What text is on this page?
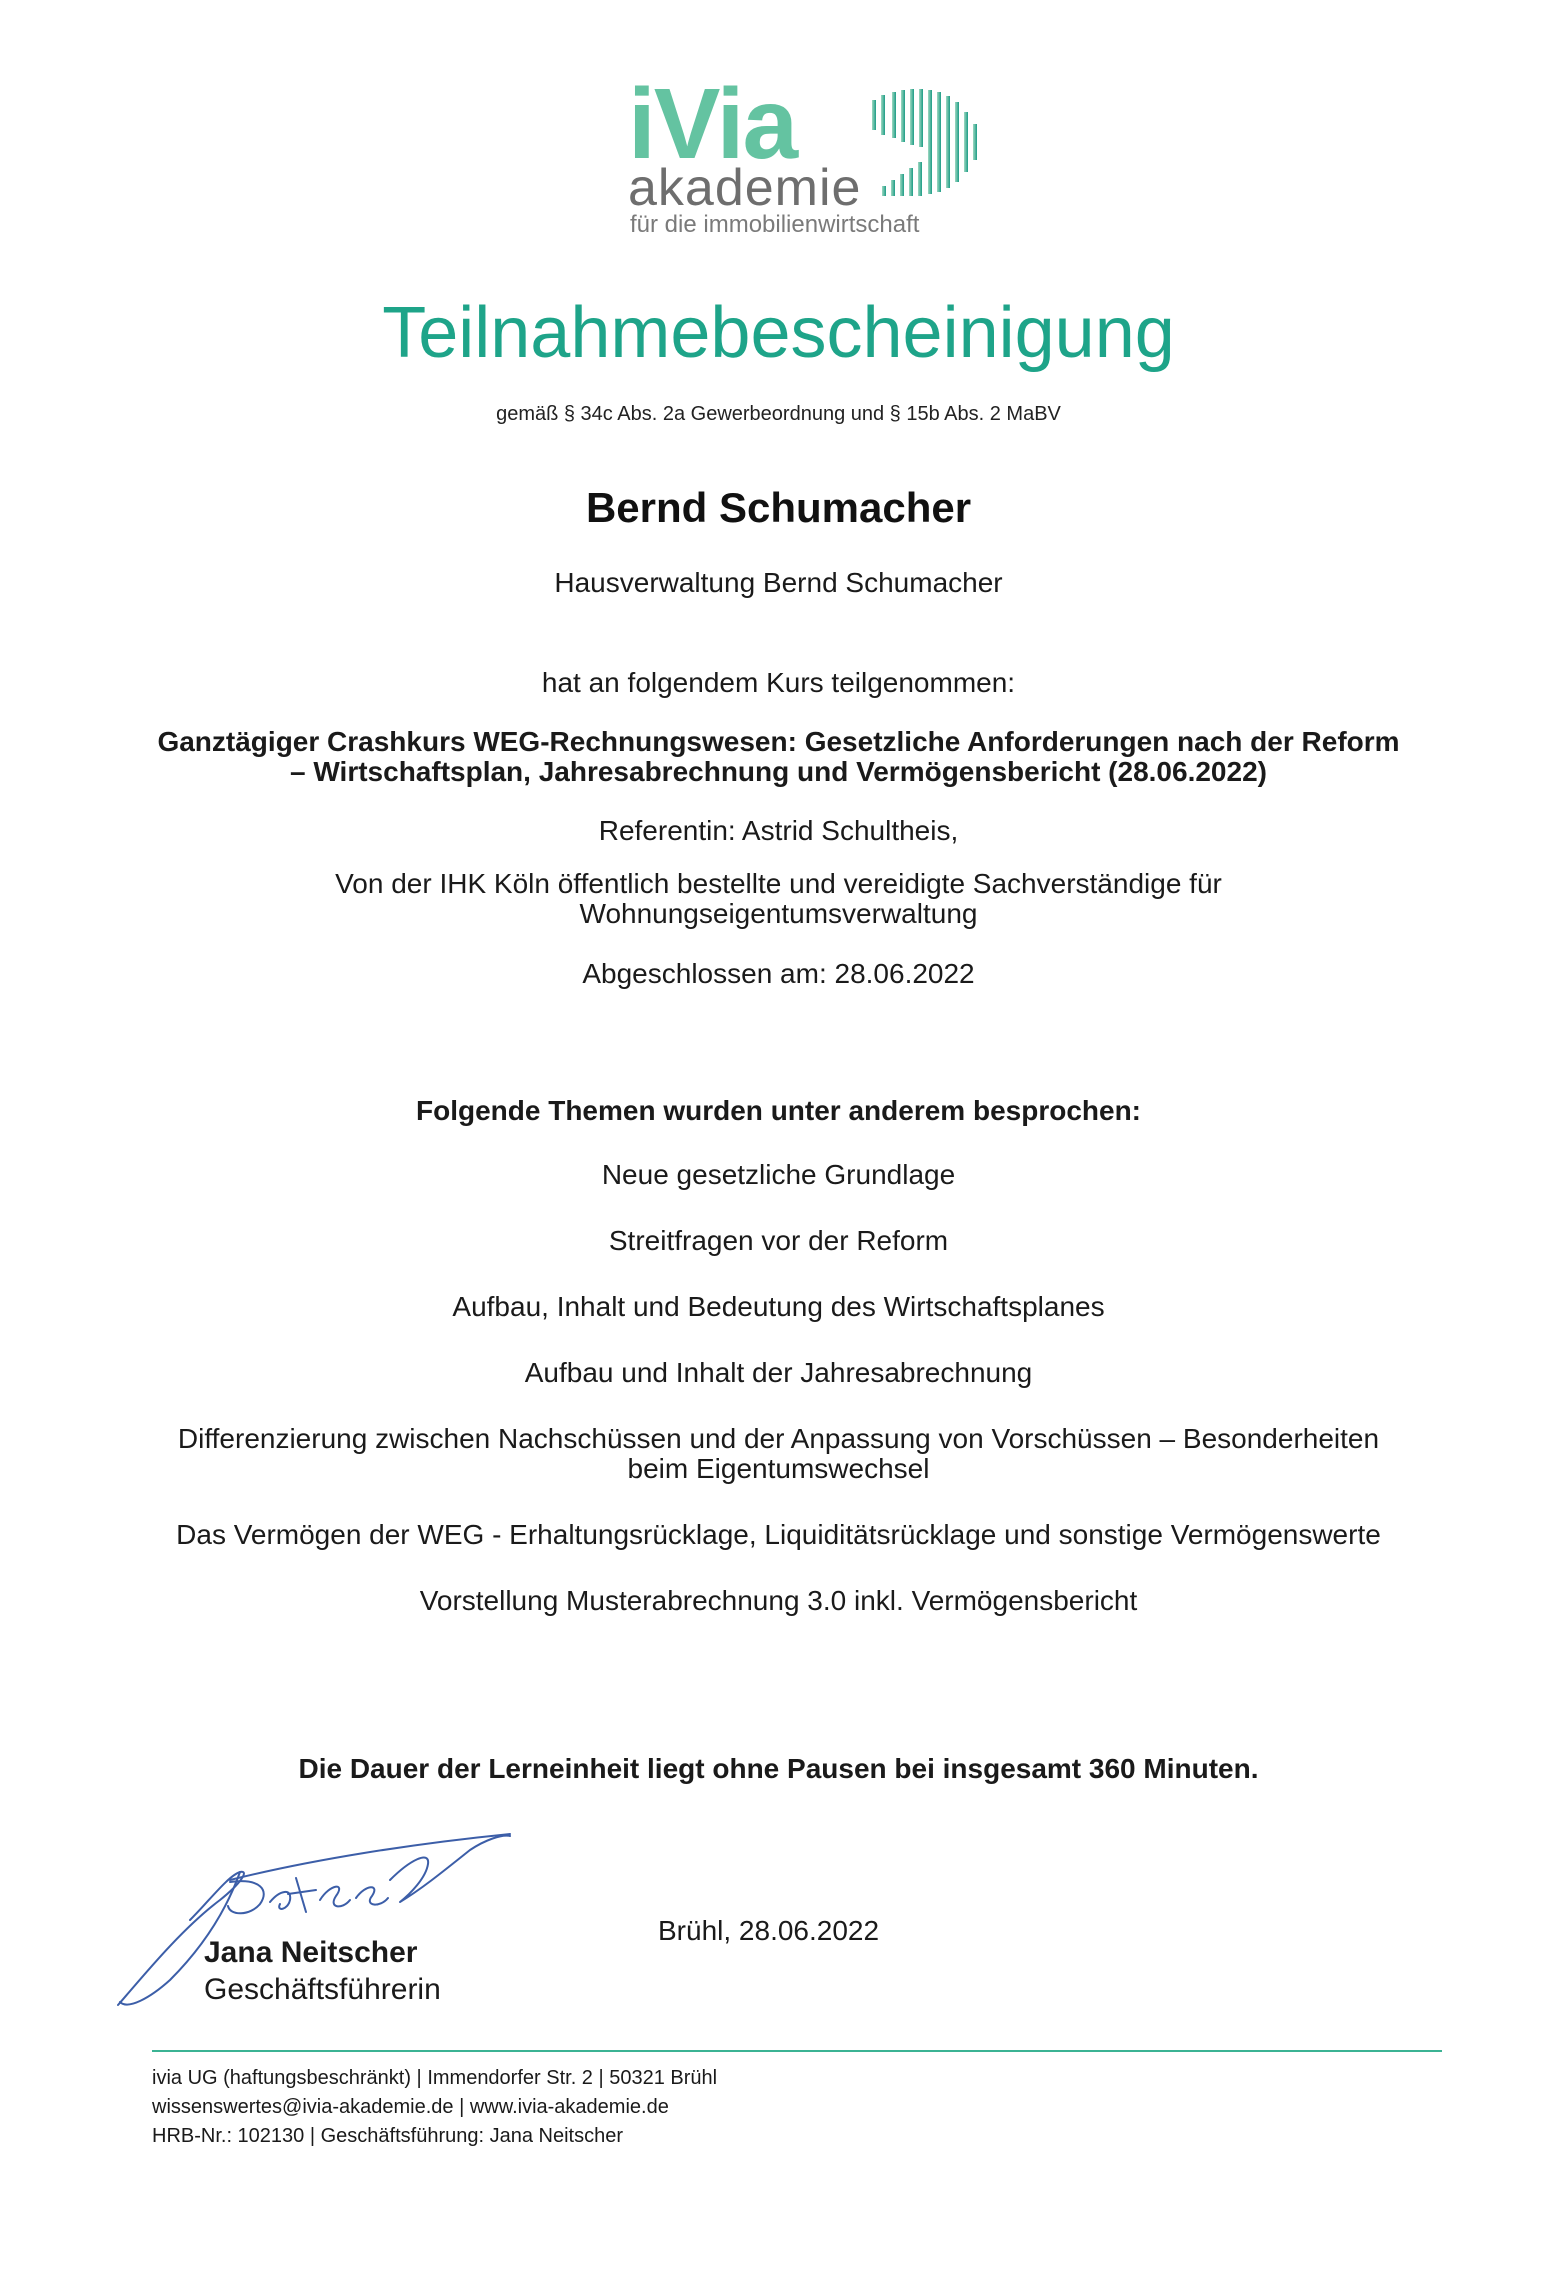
iVia
akademie
für die immobilienwirtschaft
Teilnahmebescheinigung
gemäß § 34c Abs. 2a Gewerbeordnung und § 15b Abs. 2 MaBV
Bernd Schumacher
Hausverwaltung Bernd Schumacher
hat an folgendem Kurs teilgenommen:
Ganztägiger Crashkurs WEG-Rechnungswesen: Gesetzliche Anforderungen nach der Reform
– Wirtschaftsplan, Jahresabrechnung und Vermögensbericht (28.06.2022)
Referentin: Astrid Schultheis,
Von der IHK Köln öffentlich bestellte und vereidigte Sachverständige für
Wohnungseigentumsverwaltung
Abgeschlossen am: 28.06.2022
Folgende Themen wurden unter anderem besprochen:
Neue gesetzliche Grundlage
Streitfragen vor der Reform
Aufbau, Inhalt und Bedeutung des Wirtschaftsplanes
Aufbau und Inhalt der Jahresabrechnung
Differenzierung zwischen Nachschüssen und der Anpassung von Vorschüssen – Besonderheiten
beim Eigentumswechsel
Das Vermögen der WEG - Erhaltungsrücklage, Liquiditätsrücklage und sonstige Vermögenswerte
Vorstellung Musterabrechnung 3.0 inkl. Vermögensbericht
Die Dauer der Lerneinheit liegt ohne Pausen bei insgesamt 360 Minuten.
Jana Neitscher
Geschäftsführerin
Brühl, 28.06.2022
ivia UG (haftungsbeschränkt) | Immendorfer Str. 2 | 50321 Brühl
wissenswertes@ivia-akademie.de | www.ivia-akademie.de
HRB-Nr.: 102130 | Geschäftsführung: Jana Neitscher
